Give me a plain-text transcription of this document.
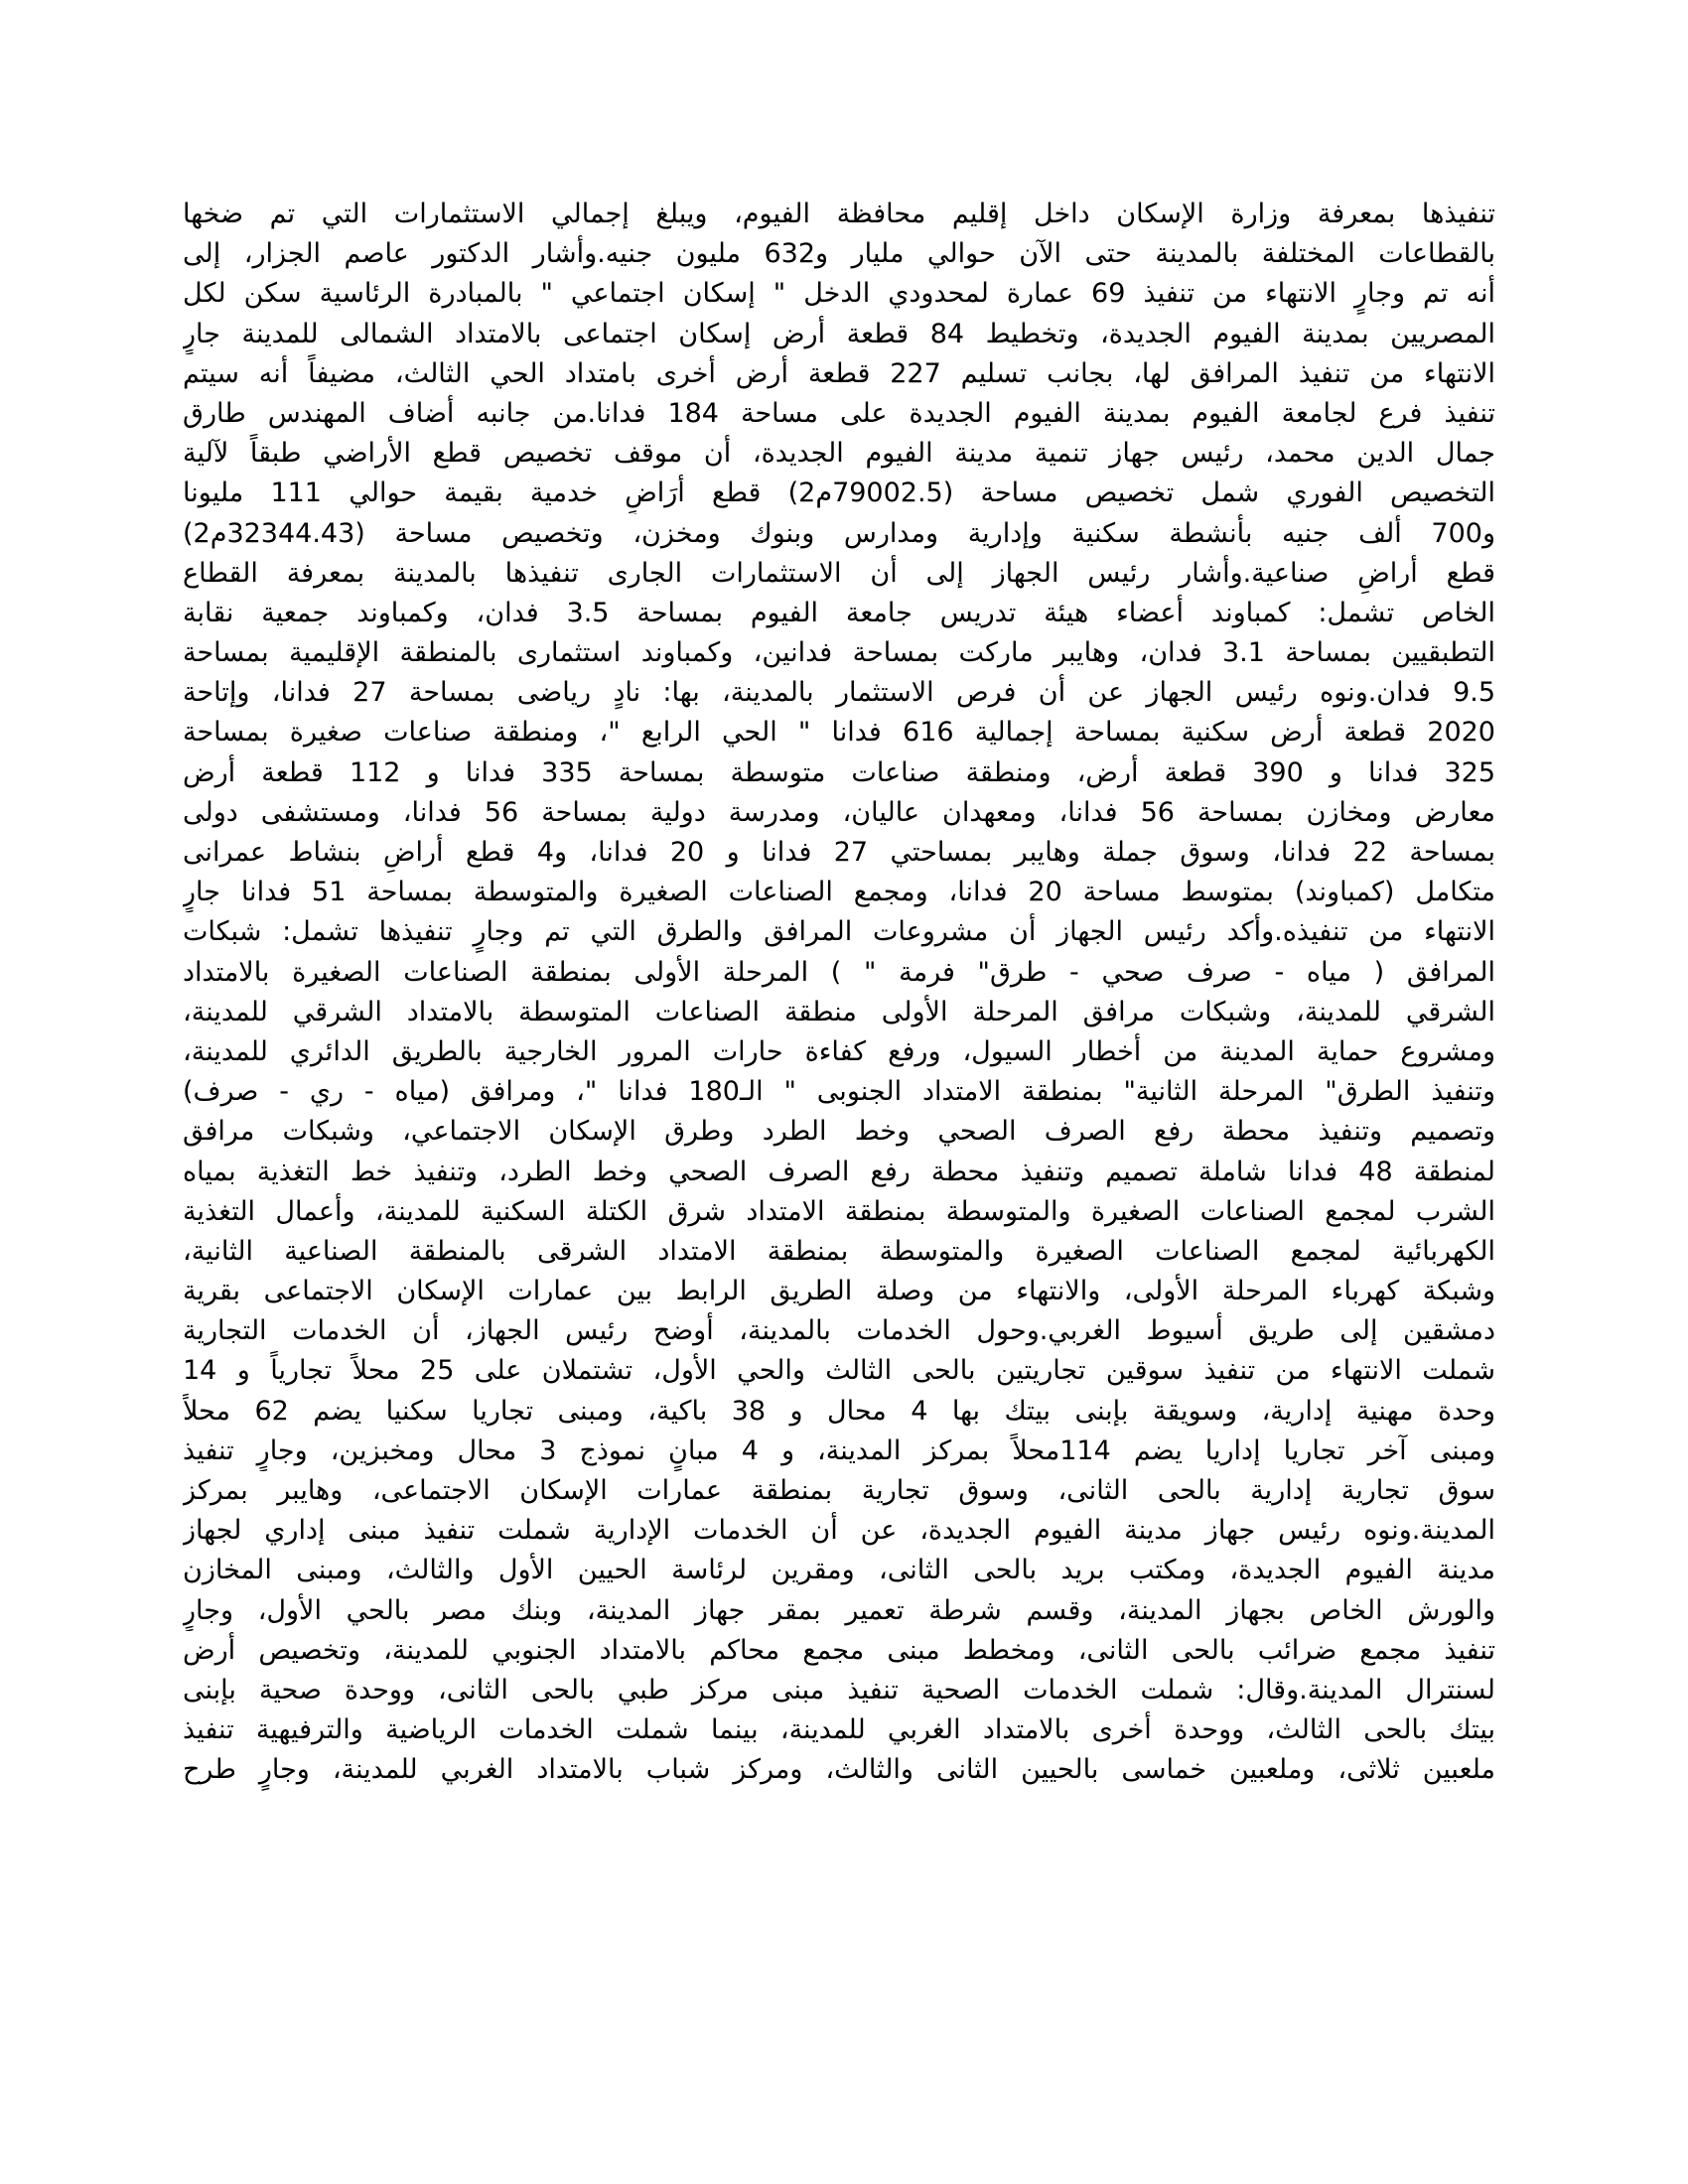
تنفيذها بمعرفة وزارة الإسكان داخل إقليم محافظة الفيوم، ويبلغ إجمالي الاستثمارات التي تم ضخها
بالقطاعات المختلفة بالمدينة حتى الآن حوالي مليار و632 مليون جنيه.وأشار الدكتور عاصم الجزار، إلى
أنه تم وجارٍ الانتهاء من تنفيذ 69 عمارة لمحدودي الدخل " إسكان اجتماعي " بالمبادرة الرئاسية سكن لكل
المصريين بمدينة الفيوم الجديدة، وتخطيط 84 قطعة أرض إسكان اجتماعى بالامتداد الشمالى للمدينة جارٍ
الانتهاء من تنفيذ المرافق لها، بجانب تسليم 227 قطعة أرض أخرى بامتداد الحي الثالث، مضيفاً أنه سيتم
تنفيذ فرع لجامعة الفيوم بمدينة الفيوم الجديدة على مساحة 184 فدانا.من جانبه أضاف المهندس طارق
جمال الدين محمد، رئيس جهاز تنمية مدينة الفيوم الجديدة، أن موقف تخصيص قطع الأراضي طبقاً لآلية
التخصيص الفوري شمل تخصيص مساحة (79002.5م2) قطع أرَاضٍ خدمية بقيمة حوالي 111 مليونا
و700 ألف جنيه بأنشطة سكنية وإدارية ومدارس وبنوك ومخزن، وتخصيص مساحة (32344.43م2)
قطع أراضٍ صناعية.وأشار رئيس الجهاز إلى أن الاستثمارات الجارى تنفيذها بالمدينة بمعرفة القطاع
الخاص تشمل: كمباوند أعضاء هيئة تدريس جامعة الفيوم بمساحة 3.5 فدان، وكمباوند جمعية نقابة
التطبقيين بمساحة 3.1 فدان، وهايبر ماركت بمساحة فدانين، وكمباوند استثمارى بالمنطقة الإقليمية بمساحة
9.5 فدان.ونوه رئيس الجهاز عن أن فرص الاستثمار بالمدينة، بها: نادٍ رياضى بمساحة 27 فدانا، وإتاحة
2020 قطعة أرض سكنية بمساحة إجمالية 616 فدانا " الحي الرابع "، ومنطقة صناعات صغيرة بمساحة
325 فدانا و 390 قطعة أرض، ومنطقة صناعات متوسطة بمساحة 335 فدانا و 112 قطعة أرض
معارض ومخازن بمساحة 56 فدانا، ومعهدان عاليان، ومدرسة دولية بمساحة 56 فدانا، ومستشفى دولى
بمساحة 22 فدانا، وسوق جملة وهايبر بمساحتي 27 فدانا و 20 فدانا، و4 قطع أراضٍ بنشاط عمرانى
متكامل (كمباوند) بمتوسط مساحة 20 فدانا، ومجمع الصناعات الصغيرة والمتوسطة بمساحة 51 فدانا جارٍ
الانتهاء من تنفيذه.وأكد رئيس الجهاز أن مشروعات المرافق والطرق التي تم وجارٍ تنفيذها تشمل: شبكات
المرافق ( مياه - صرف صحي - طرق" فرمة " ) المرحلة الأولى بمنطقة الصناعات الصغيرة بالامتداد
الشرقي للمدينة، وشبكات مرافق المرحلة الأولى منطقة الصناعات المتوسطة بالامتداد الشرقي للمدينة،
ومشروع حماية المدينة من أخطار السيول، ورفع كفاءة حارات المرور الخارجية بالطريق الدائري للمدينة،
وتنفيذ الطرق" المرحلة الثانية" بمنطقة الامتداد الجنوبى " الـ180 فدانا "، ومرافق (مياه - ري - صرف)
وتصميم وتنفيذ محطة رفع الصرف الصحي وخط الطرد وطرق الإسكان الاجتماعي، وشبكات مرافق
لمنطقة 48 فدانا شاملة تصميم وتنفيذ محطة رفع الصرف الصحي وخط الطرد، وتنفيذ خط التغذية بمياه
الشرب لمجمع الصناعات الصغيرة والمتوسطة بمنطقة الامتداد شرق الكتلة السكنية للمدينة، وأعمال التغذية
الكهربائية لمجمع الصناعات الصغيرة والمتوسطة بمنطقة الامتداد الشرقى بالمنطقة الصناعية الثانية،
وشبكة كهرباء المرحلة الأولى، والانتهاء من وصلة الطريق الرابط بين عمارات الإسكان الاجتماعى بقرية
دمشقين إلى طريق أسيوط الغربي.وحول الخدمات بالمدينة، أوضح رئيس الجهاز، أن الخدمات التجارية
شملت الانتهاء من تنفيذ سوقين تجاريتين بالحى الثالث والحي الأول، تشتملان على 25 محلاً تجارياً و 14
وحدة مهنية إدارية، وسويقة بإبنى بيتك بها 4 محال و 38 باكية، ومبنى تجاريا سكنيا يضم 62 محلاً
ومبنى آخر تجاريا إداريا يضم 114محلاً بمركز المدينة، و 4 مبانٍ نموذج 3 محال ومخبزين، وجارٍ تنفيذ
سوق تجارية إدارية بالحى الثانى، وسوق تجارية بمنطقة عمارات الإسكان الاجتماعى، وهايبر بمركز
المدينة.ونوه رئيس جهاز مدينة الفيوم الجديدة، عن أن الخدمات الإدارية شملت تنفيذ مبنى إداري لجهاز
مدينة الفيوم الجديدة، ومكتب بريد بالحى الثانى، ومقرين لرئاسة الحيين الأول والثالث، ومبنى المخازن
والورش الخاص بجهاز المدينة، وقسم شرطة تعمير بمقر جهاز المدينة، وبنك مصر بالحي الأول، وجارٍ
تنفيذ مجمع ضرائب بالحى الثانى، ومخطط مبنى مجمع محاكم بالامتداد الجنوبي للمدينة، وتخصيص أرض
لسنترال المدينة.وقال: شملت الخدمات الصحية تنفيذ مبنى مركز طبي بالحى الثانى، ووحدة صحية بإبنى
بيتك بالحى الثالث، ووحدة أخرى بالامتداد الغربي للمدينة، بينما شملت الخدمات الرياضية والترفيهية تنفيذ
ملعبين ثلاثى، وملعبين خماسى بالحيين الثانى والثالث، ومركز شباب بالامتداد الغربي للمدينة، وجارٍ طرح
